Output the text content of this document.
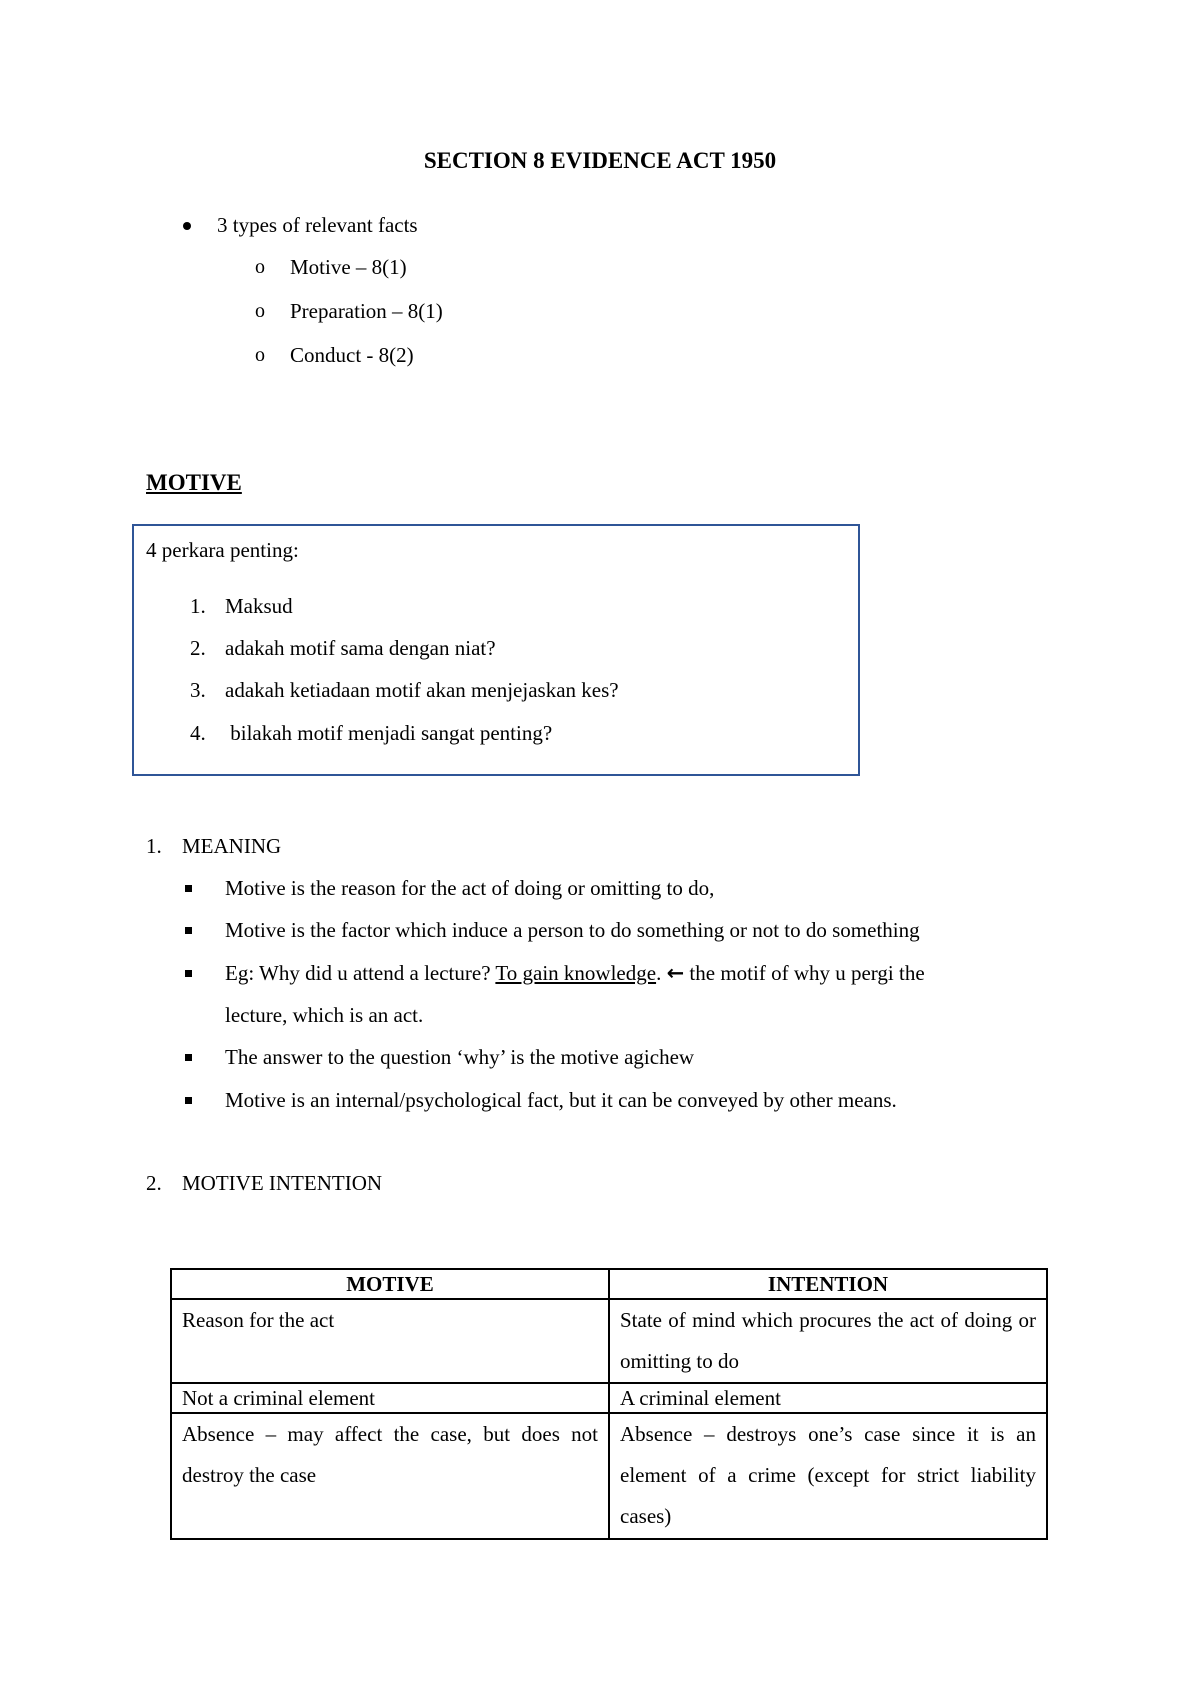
SECTION 8 EVIDENCE ACT 1950
3 types of relevant facts
o Motive – 8(1)
o Preparation – 8(1)
o Conduct - 8(2)
MOTIVE
4 perkara penting:
1. Maksud
2. adakah motif sama dengan niat?
3. adakah ketiadaan motif akan menjejaskan kes?
4. bilakah motif menjadi sangat penting?
1. MEANING
Motive is the reason for the act of doing or omitting to do,
Motive is the factor which induce a person to do something or not to do something
Eg: Why did u attend a lecture? To gain knowledge. ← the motif of why u pergi the
lecture, which is an act.
The answer to the question ‘why’ is the motive agichew
Motive is an internal/psychological fact, but it can be conveyed by other means.
2. MOTIVE INTENTION
MOTIVE	INTENTION
Reason for the act	State of mind which procures the act of doing or omitting to do
Not a criminal element	A criminal element
Absence – may affect the case, but does not destroy the case	Absence – destroys one’s case since it is an element of a crime (except for strict liability cases)
